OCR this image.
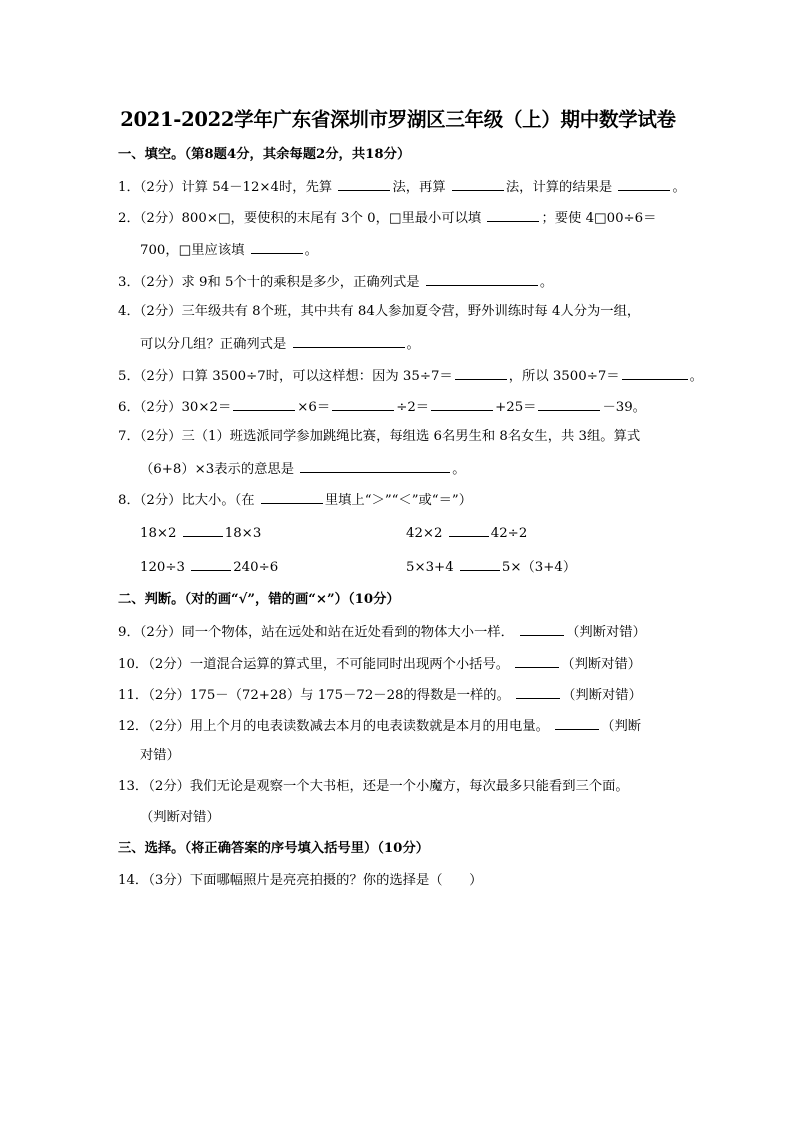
2021-2022学年广东省深圳市罗湖区三年级（上）期中数学试卷
一、填空。（第8题4分，其余每题2分，共18分）
1．（2分）计算 54－12×4时，先算	法，再算	法，计算的结果是	。
2．（2分）800×□，要使积的末尾有 3个 0，□里最小可以填	；要使 4□00÷6＝
700，□里应该填	。
3．（2分）求 9和 5个十的乘积是多少，正确列式是	。
4．（2分）三年级共有 8个班，其中共有 84人参加夏令营，野外训练时每 4人分为一组，
可以分几组？正确列式是	。
5．（2分）口算 3500÷7时，可以这样想：因为 35÷7＝	，所以 3500÷7＝	。
6．（2分）30×2＝	×6＝	÷2＝	+25＝	－39。
7．（2分）三（1）班选派同学参加跳绳比赛，每组选 6名男生和 8名女生，共 3组。算式
（6+8）×3表示的意思是	。
8．（2分）比大小。（在	里填上“＞”“＜”或“＝”）
18×2	18×3	42×2	42÷2
120÷3	240÷6	5×3+4	5×（3+4）
二、判断。（对的画“√”，错的画“×”）（10分）
9．（2分）同一个物体，站在远处和站在近处看到的物体大小一样．	（判断对错）
10．（2分）一道混合运算的算式里，不可能同时出现两个小括号。	（判断对错）
11．（2分）175－（72+28）与 175－72－28的得数是一样的。	（判断对错）
12．（2分）用上个月的电表读数减去本月的电表读数就是本月的用电量。	（判断
对错）
13．（2分）我们无论是观察一个大书柜，还是一个小魔方，每次最多只能看到三个面。
（判断对错）
三、选择。（将正确答案的序号填入括号里）（10分）
14．（3分）下面哪幅照片是亮亮拍摄的？你的选择是（　　）
